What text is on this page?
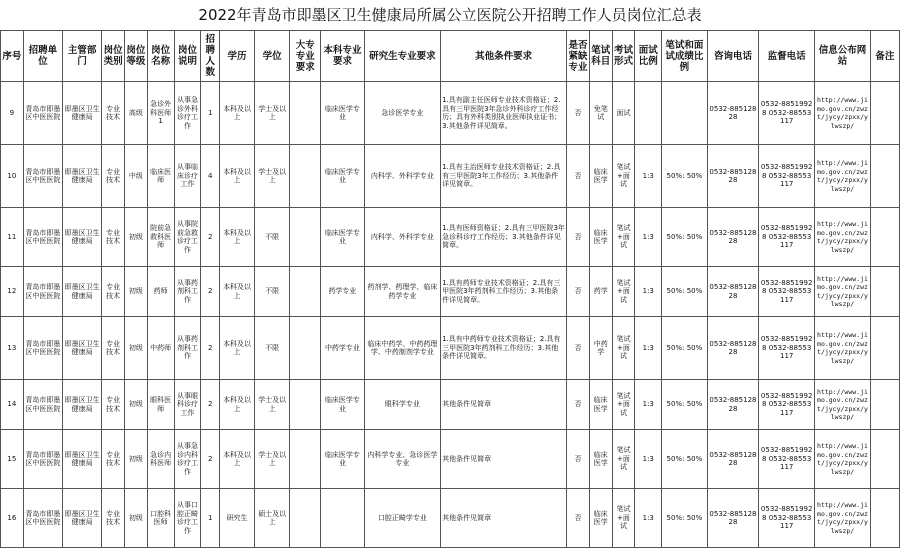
2022年青岛市即墨区卫生健康局所属公立医院公开招聘工作人员岗位汇总表
序号	招聘单位	主管部门	岗位类别	岗位等级	岗位名称	岗位说明	招聘人数	学历	学位	大专专业要求	本科专业要求	研究生专业要求	其他条件要求	是否紧缺专业	笔试科目	考试形式	面试比例	笔试和面试成绩比例	咨询电话	监督电话	信息公布网站	备注
9	青岛市即墨区中医医院	即墨区卫生健康局	专业技术	高级	急诊外科医师1	从事急诊外科诊疗工作	1	本科及以上	学士及以上		临床医学专业	急诊医学专业	1.具有副主任医师专业技术资格证；2.具有三甲医院3年急诊外科诊疗工作经历；具有外科类别执业医师执业证书；3.其他条件详见简章。	否	免笔试	面试			0532-88512828	0532-88519928 0532-88553117	http://www.jimo.gov.cn/zwzt/jycy/zpxx/ylwszp/	
10	青岛市即墨区中医医院	即墨区卫生健康局	专业技术	中级	临床医师	从事临床诊疗工作	4	本科及以上	学士及以上		临床医学专业	内科学、外科学专业	1.具有主治医师专业技术资格证；2.具有三甲医院3年工作经历；3.其他条件详见简章。	否	临床医学	笔试+面试	1:3	50%: 50%	0532-88512828	0532-88519928 0532-88553117	http://www.jimo.gov.cn/zwzt/jycy/zpxx/ylwszp/	
11	青岛市即墨区中医医院	即墨区卫生健康局	专业技术	初级	院前急救科医师	从事院前急救诊疗工作	2	本科及以上	不限		临床医学专业	内科学、外科学专业	1.具有医师资格证；2.具有三甲医院3年急诊科诊疗工作经历；3.其他条件详见简章。	否	临床医学	笔试+面试	1:3	50%: 50%	0532-88512828	0532-88519928 0532-88553117	http://www.jimo.gov.cn/zwzt/jycy/zpxx/ylwszp/	
12	青岛市即墨区中医医院	即墨区卫生健康局	专业技术	初级	药师	从事药剂科工作	2	本科及以上	不限		药学专业	药剂学、药理学、临床药学专业	1.具有药师专业技术资格证；2.具有三甲医院3年药剂科工作经历；3.其他条件详见简章。	否	药学	笔试+面试	1:3	50%: 50%	0532-88512828	0532-88519928 0532-88553117	http://www.jimo.gov.cn/zwzt/jycy/zpxx/ylwszp/	
13	青岛市即墨区中医医院	即墨区卫生健康局	专业技术	初级	中药师	从事药剂科工作	2	本科及以上	不限		中药学专业	临床中药学、中药药理学、中药制剂学专业	1.具有中药师专业技术资格证；2.具有三甲医院3年药剂科工作经历；3.其他条件详见简章。	否	中药学	笔试+面试	1:3	50%: 50%	0532-88512828	0532-88519928 0532-88553117	http://www.jimo.gov.cn/zwzt/jycy/zpxx/ylwszp/	
14	青岛市即墨区中医医院	即墨区卫生健康局	专业技术	初级	眼科医师	从事眼科诊疗工作	2	本科及以上	学士及以上		临床医学专业	眼科学专业	其他条件见简章	否	临床医学	笔试+面试	1:3	50%: 50%	0532-88512828	0532-88519928 0532-88553117	http://www.jimo.gov.cn/zwzt/jycy/zpxx/ylwszp/	
15	青岛市即墨区中医医院	即墨区卫生健康局	专业技术	初级	急诊内科医师	从事急诊内科诊疗工作	2	本科及以上	学士及以上		临床医学专业	内科学专业、急诊医学专业	其他条件见简章	否	临床医学	笔试+面试	1:3	50%: 50%	0532-88512828	0532-88519928 0532-88553117	http://www.jimo.gov.cn/zwzt/jycy/zpxx/ylwszp/	
16	青岛市即墨区中医医院	即墨区卫生健康局	专业技术	初级	口腔科医师	从事口腔正畸诊疗工作	1	研究生	硕士及以上			口腔正畸学专业	其他条件见简章	否	临床医学	笔试+面试	1:3	50%: 50%	0532-88512828	0532-88519928 0532-88553117	http://www.jimo.gov.cn/zwzt/jycy/zpxx/ylwszp/	
